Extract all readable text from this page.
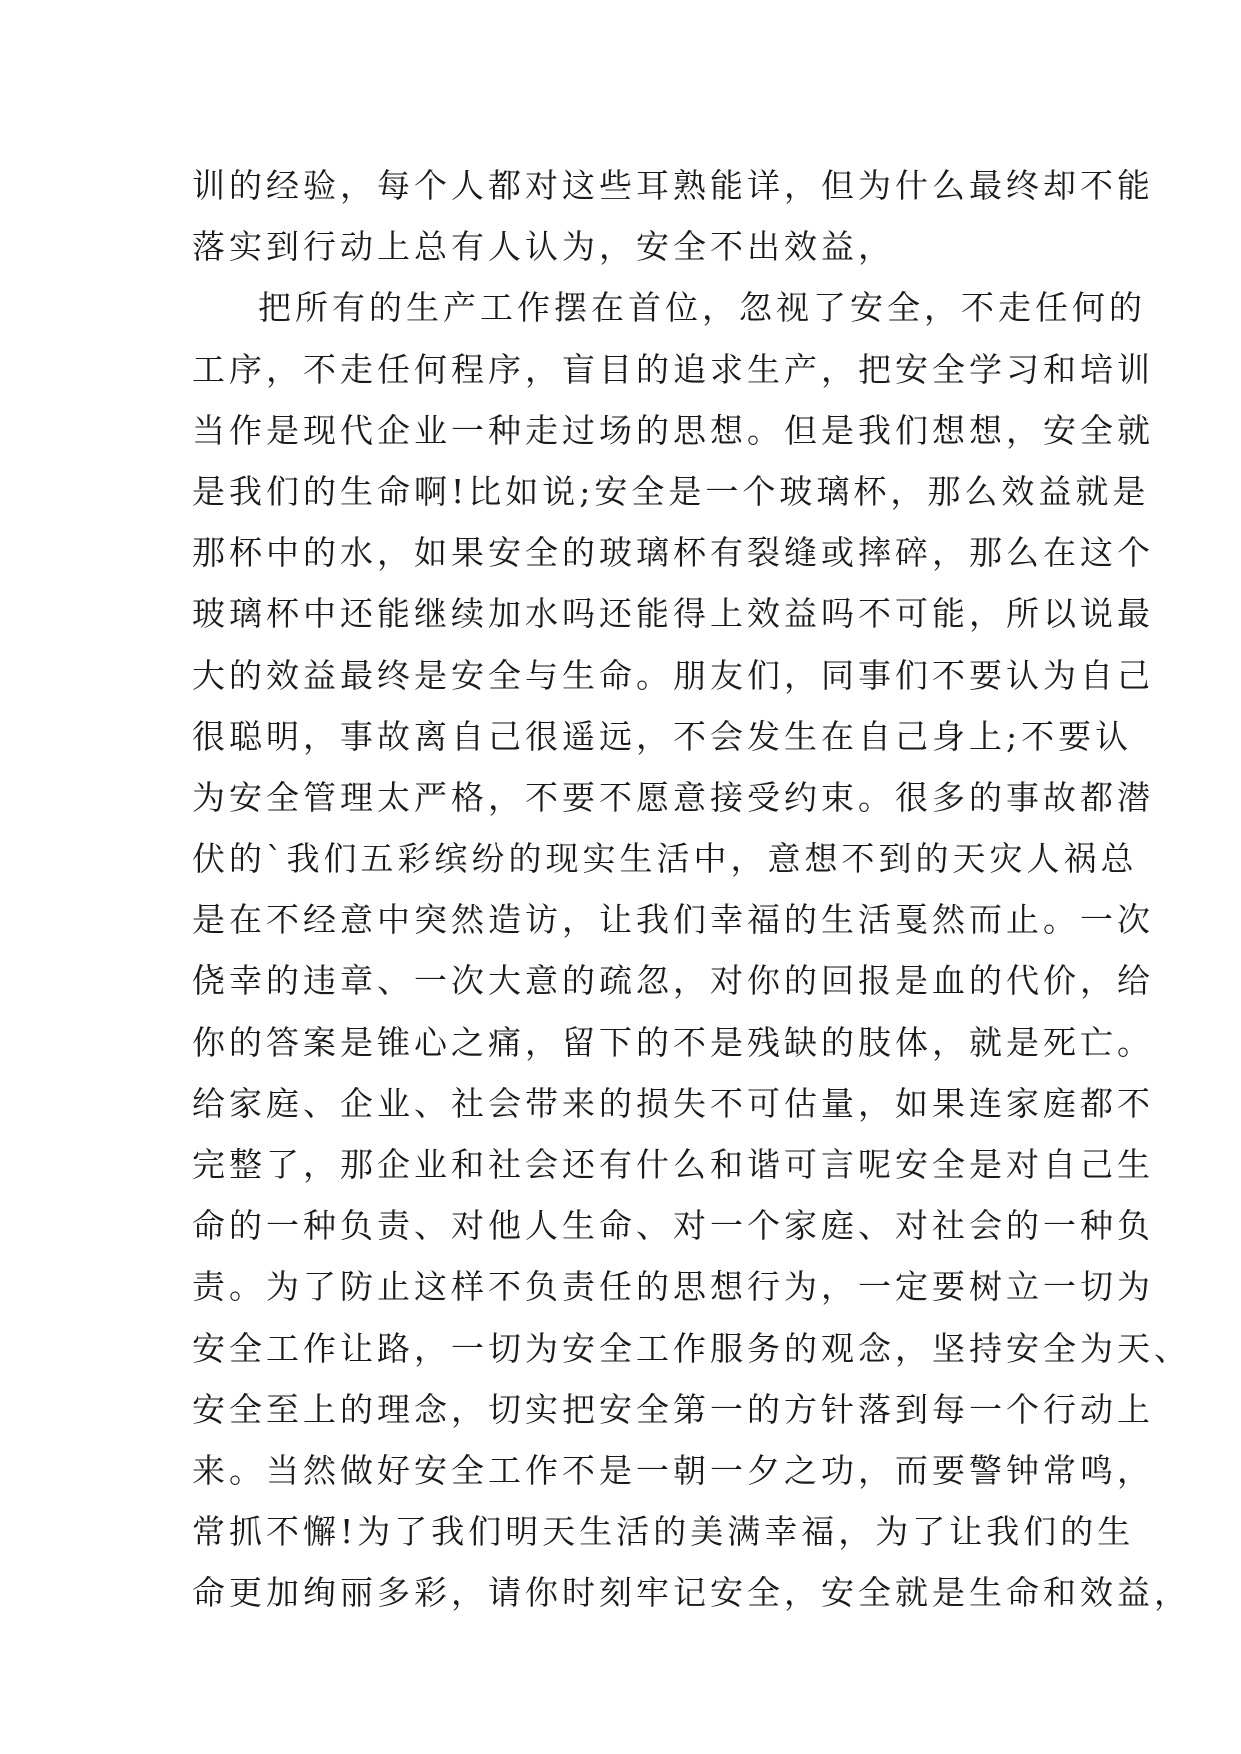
训的经验，每个人都对这些耳熟能详，但为什么最终却不能
落实到行动上总有人认为，安全不出效益，
把所有的生产工作摆在首位，忽视了安全，不走任何的
工序，不走任何程序，盲目的追求生产，把安全学习和培训
当作是现代企业一种走过场的思想。但是我们想想，安全就
是我们的生命啊!比如说;安全是一个玻璃杯，那么效益就是
那杯中的水，如果安全的玻璃杯有裂缝或摔碎，那么在这个
玻璃杯中还能继续加水吗还能得上效益吗不可能，所以说最
大的效益最终是安全与生命。朋友们，同事们不要认为自己
很聪明，事故离自己很遥远，不会发生在自己身上;不要认
为安全管理太严格，不要不愿意接受约束。很多的事故都潜
伏的`我们五彩缤纷的现实生活中，意想不到的天灾人祸总
是在不经意中突然造访，让我们幸福的生活戛然而止。一次
侥幸的违章、一次大意的疏忽，对你的回报是血的代价，给
你的答案是锥心之痛，留下的不是残缺的肢体，就是死亡。
给家庭、企业、社会带来的损失不可估量，如果连家庭都不
完整了，那企业和社会还有什么和谐可言呢安全是对自己生
命的一种负责、对他人生命、对一个家庭、对社会的一种负
责。为了防止这样不负责任的思想行为，一定要树立一切为
安全工作让路，一切为安全工作服务的观念，坚持安全为天、
安全至上的理念，切实把安全第一的方针落到每一个行动上
来。当然做好安全工作不是一朝一夕之功，而要警钟常鸣，
常抓不懈!为了我们明天生活的美满幸福，为了让我们的生
命更加绚丽多彩，请你时刻牢记安全，安全就是生命和效益，
